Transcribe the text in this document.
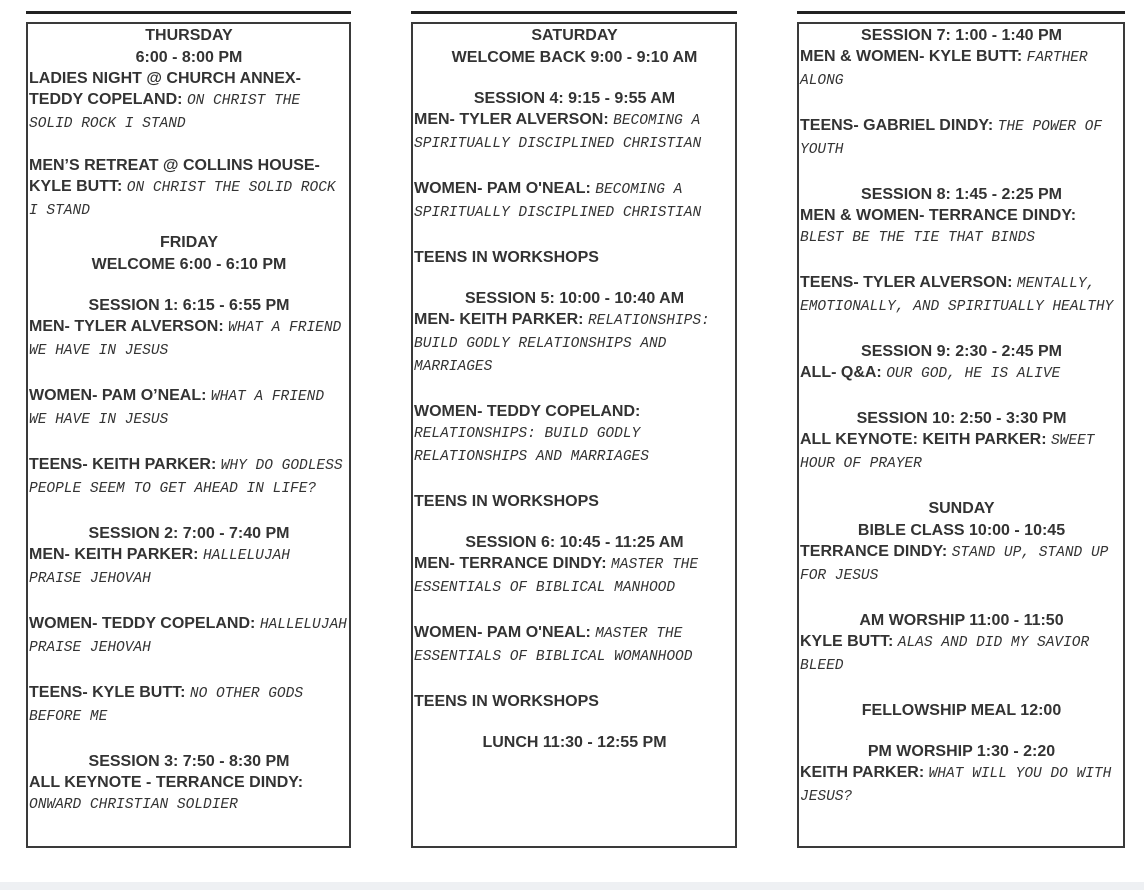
THURSDAY
6:00 - 8:00 PM
LADIES NIGHT @ CHURCH ANNEX- TEDDY COPELAND: ON CHRIST THE SOLID ROCK I STAND
MEN’S RETREAT @ COLLINS HOUSE- KYLE BUTT: ON CHRIST THE SOLID ROCK I STAND
FRIDAY
WELCOME 6:00 - 6:10 PM
SESSION 1: 6:15 - 6:55 PM
MEN- TYLER ALVERSON: WHAT A FRIEND WE HAVE IN JESUS
WOMEN- PAM O’NEAL: WHAT A FRIEND WE HAVE IN JESUS
TEENS- KEITH PARKER: WHY DO GODLESS PEOPLE SEEM TO GET AHEAD IN LIFE?
SESSION 2: 7:00 - 7:40 PM
MEN- KEITH PARKER: HALLELUJAH PRAISE JEHOVAH
WOMEN- TEDDY COPELAND: HALLELUJAH PRAISE JEHOVAH
TEENS- KYLE BUTT: NO OTHER GODS BEFORE ME
SESSION 3: 7:50 - 8:30 PM
ALL KEYNOTE - TERRANCE DINDY: ONWARD CHRISTIAN SOLDIER
SATURDAY
WELCOME BACK 9:00 - 9:10 AM
SESSION 4: 9:15 - 9:55 AM
MEN- TYLER ALVERSON: BECOMING A SPIRITUALLY DISCIPLINED CHRISTIAN
WOMEN- PAM O'NEAL: BECOMING A SPIRITUALLY DISCIPLINED CHRISTIAN
TEENS IN WORKSHOPS
SESSION 5: 10:00 - 10:40 AM
MEN- KEITH PARKER: RELATIONSHIPS: BUILD GODLY RELATIONSHIPS AND MARRIAGES
WOMEN- TEDDY COPELAND: RELATIONSHIPS: BUILD GODLY RELATIONSHIPS AND MARRIAGES
TEENS IN WORKSHOPS
SESSION 6: 10:45 - 11:25 AM
MEN- TERRANCE DINDY: MASTER THE ESSENTIALS OF BIBLICAL MANHOOD
WOMEN- PAM O'NEAL: MASTER THE ESSENTIALS OF BIBLICAL WOMANHOOD
TEENS IN WORKSHOPS
LUNCH 11:30 - 12:55 PM
SESSION 7: 1:00 - 1:40 PM
MEN & WOMEN- KYLE BUTT: FARTHER ALONG
TEENS- GABRIEL DINDY: THE POWER OF YOUTH
SESSION 8: 1:45 - 2:25 PM
MEN & WOMEN- TERRANCE DINDY: BLEST BE THE TIE THAT BINDS
TEENS- TYLER ALVERSON: MENTALLY, EMOTIONALLY, AND SPIRITUALLY HEALTHY
SESSION 9: 2:30 - 2:45 PM
ALL- Q&A: OUR GOD, HE IS ALIVE
SESSION 10: 2:50 - 3:30 PM
ALL KEYNOTE: KEITH PARKER: SWEET HOUR OF PRAYER
SUNDAY
BIBLE CLASS 10:00 - 10:45
TERRANCE DINDY: STAND UP, STAND UP FOR JESUS
AM WORSHIP 11:00 - 11:50
KYLE BUTT: ALAS AND DID MY SAVIOR BLEED
FELLOWSHIP MEAL 12:00
PM WORSHIP 1:30 - 2:20
KEITH PARKER: WHAT WILL YOU DO WITH JESUS?
